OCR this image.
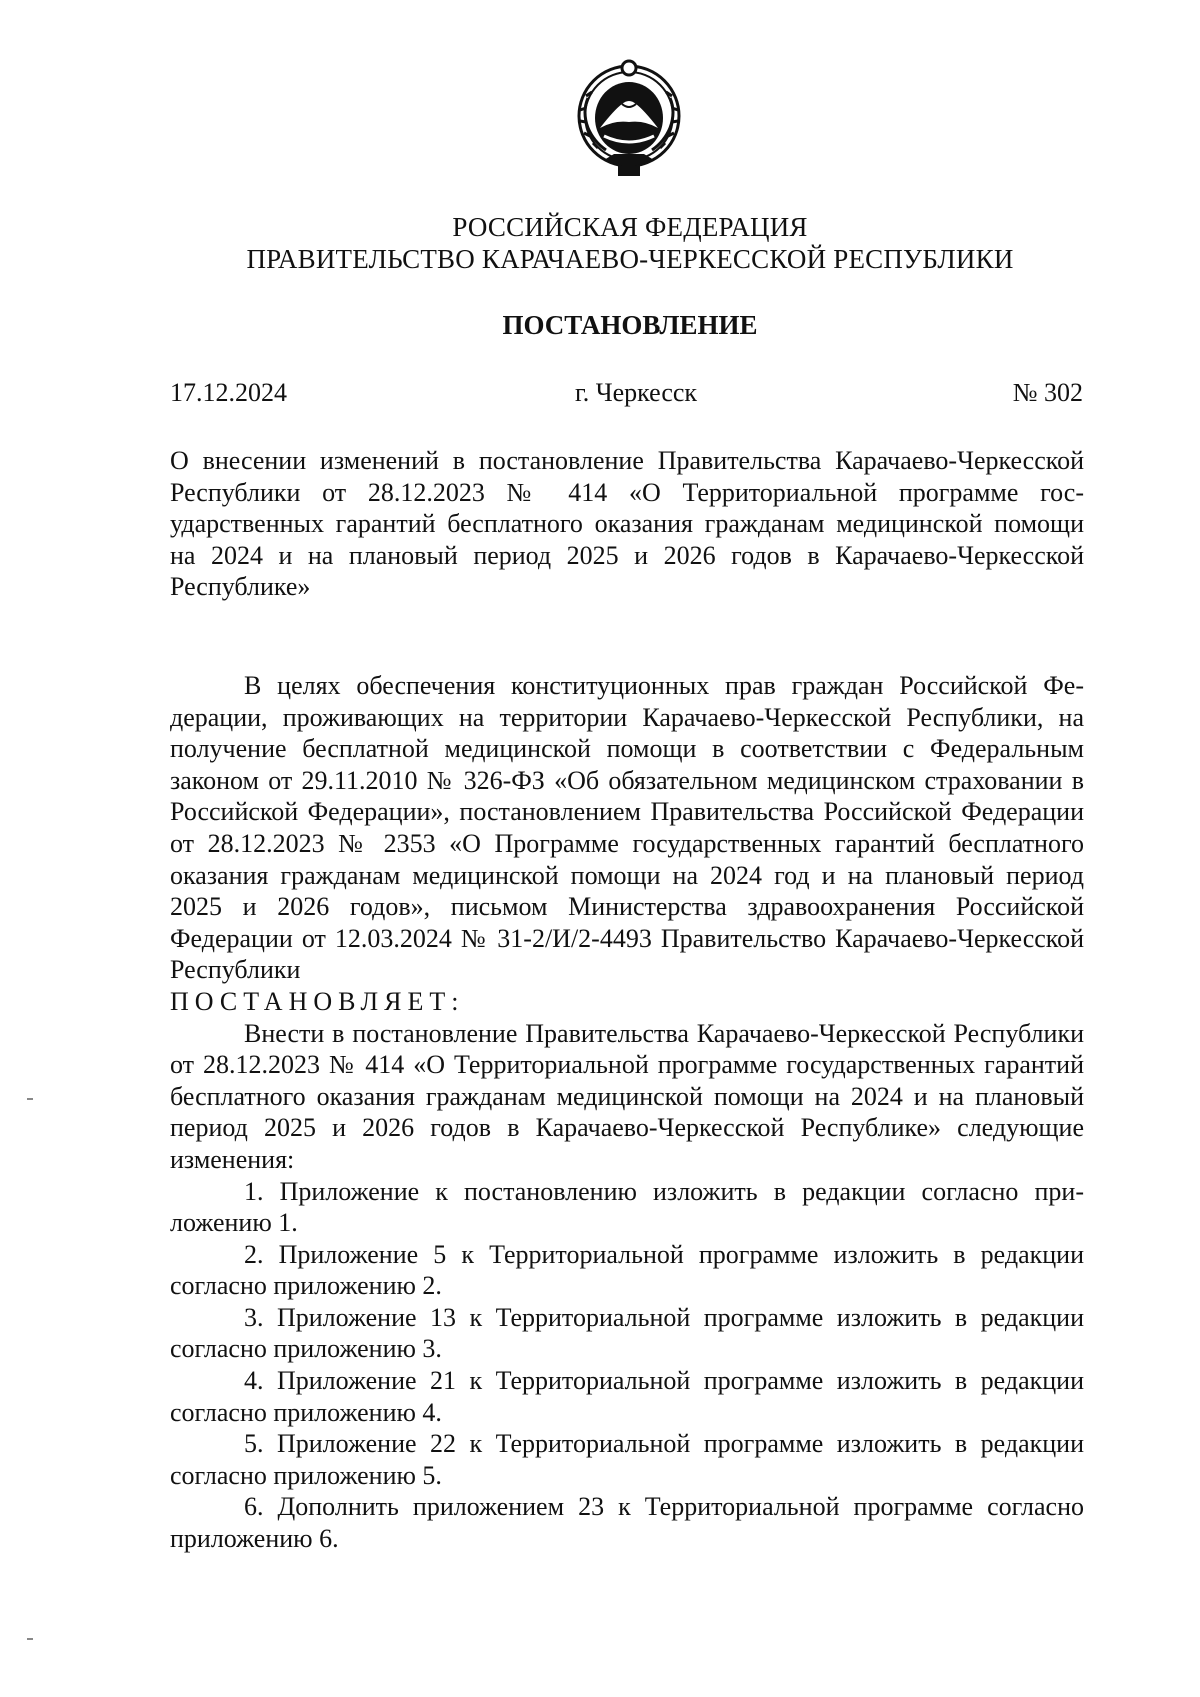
РОССИЙСКАЯ ФЕДЕРАЦИЯ
ПРАВИТЕЛЬСТВО КАРАЧАЕВО-ЧЕРКЕССКОЙ РЕСПУБЛИКИ
ПОСТАНОВЛЕНИЕ
17.12.2024	г. Черкесск	№ 302
О внесении изменений в постановление Правительства Карачаево-Черкесской Республики от 28.12.2023 № 414 «О Территориальной программе государственных гарантий бесплатного оказания гражданам медицинской помощи на 2024 и на плановый период 2025 и 2026 годов в Карачаево-Черкесской Республике»

В целях обеспечения конституционных прав граждан Российской Федерации, проживающих на территории Карачаево-Черкесской Республики, на получение бесплатной медицинской помощи в соответствии с Федеральным законом от 29.11.2010 № 326-ФЗ «Об обязательном медицинском страховании в Российской Федерации», постановлением Правительства Российской Федерации от 28.12.2023 № 2353 «О Программе государственных гарантий бесплатного оказания гражданам медицинской помощи на 2024 год и на плановый период 2025 и 2026 годов», письмом Министерства здравоохранения Российской Федерации от 12.03.2024 № 31-2/И/2-4493 Правительство Карачаево-Черкесской Республики

ПОСТАНОВЛЯЕТ:

Внести в постановление Правительства Карачаево-Черкесской Республики от 28.12.2023 № 414 «О Территориальной программе государственных гарантий бесплатного оказания гражданам медицинской помощи на 2024 и на плановый период 2025 и 2026 годов в Карачаево-Черкесской Республике» следующие изменения:

1. Приложение к постановлению изложить в редакции согласно приложению 1.

2. Приложение 5 к Территориальной программе изложить в редакции согласно приложению 2.

3. Приложение 13 к Территориальной программе изложить в редакции согласно приложению 3.

4. Приложение 21 к Территориальной программе изложить в редакции согласно приложению 4.

5. Приложение 22 к Территориальной программе изложить в редакции согласно приложению 5.

6. Дополнить приложением 23 к Территориальной программе согласно приложению 6.
